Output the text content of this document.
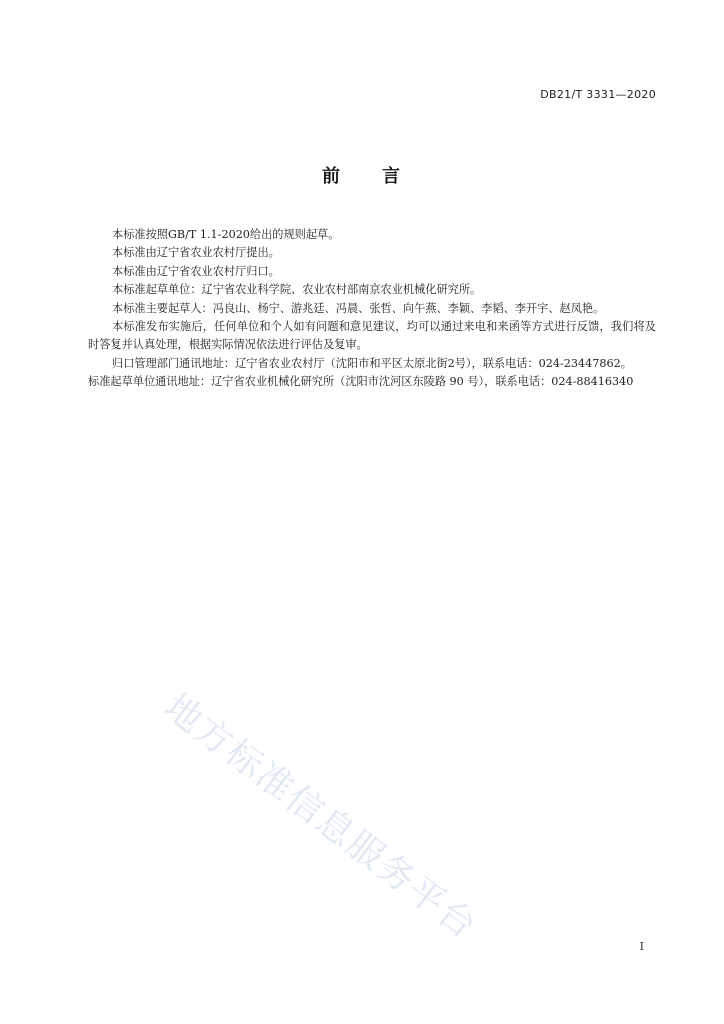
DB21/T 3331—2020
前 言

本标准按照GB/T 1.1-2020给出的规则起草。

本标准由辽宁省农业农村厅提出。

本标准由辽宁省农业农村厅归口。

本标准起草单位：辽宁省农业科学院、农业农村部南京农业机械化研究所。

本标准主要起草人：冯良山、杨宁、游兆廷、冯晨、张哲、向午燕、李颖、李韬、李开宇、赵凤艳。

本标准发布实施后，任何单位和个人如有问题和意见建议，均可以通过来电和来函等方式进行反馈，我们将及时答复并认真处理，根据实际情况依法进行评估及复审。

归口管理部门通讯地址：辽宁省农业农村厅（沈阳市和平区太原北街2号），联系电话：024-23447862。

标准起草单位通讯地址：辽宁省农业机械化研究所（沈阳市沈河区东陵路 90 号），联系电话：024-88416340

地方标准信息服务平台	I
